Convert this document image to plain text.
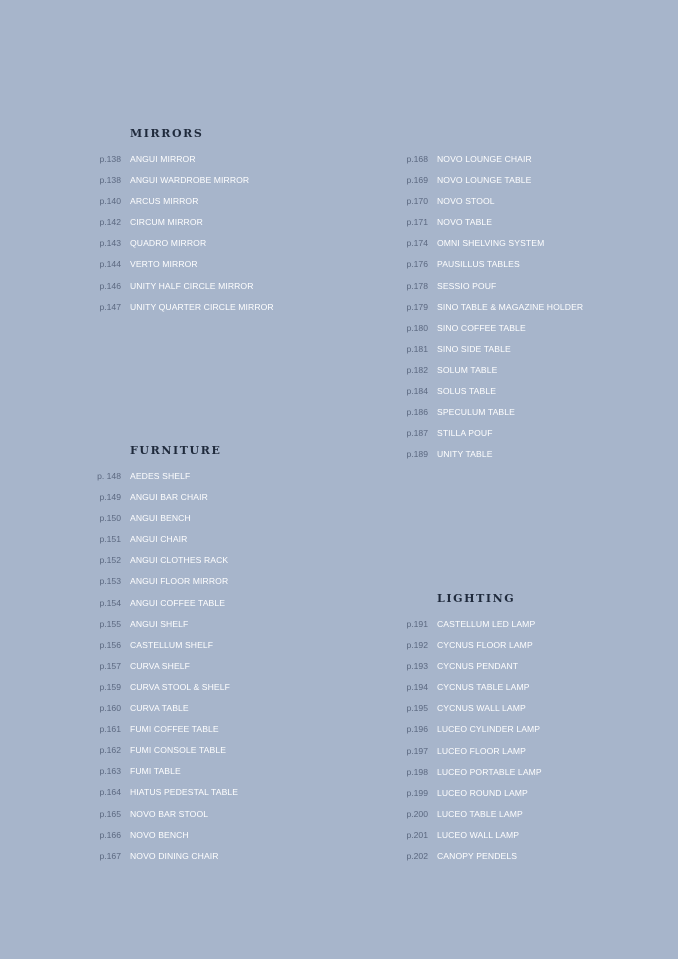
MIRRORS
p.138 ANGUI MIRROR
p.138 ANGUI WARDROBE MIRROR
p.140 ARCUS MIRROR
p.142 CIRCUM MIRROR
p.143 QUADRO MIRROR
p.144 VERTO MIRROR
p.146 UNITY HALF CIRCLE MIRROR
p.147 UNITY QUARTER CIRCLE MIRROR
FURNITURE
p. 148 AEDES SHELF
p.149 ANGUI BAR CHAIR
p.150 ANGUI BENCH
p.151 ANGUI CHAIR
p.152 ANGUI CLOTHES RACK
p.153 ANGUI FLOOR MIRROR
p.154 ANGUI COFFEE TABLE
p.155 ANGUI SHELF
p.156 CASTELLUM SHELF
p.157 CURVA SHELF
p.159 CURVA STOOL & SHELF
p.160 CURVA TABLE
p.161 FUMI COFFEE TABLE
p.162 FUMI CONSOLE TABLE
p.163 FUMI TABLE
p.164 HIATUS PEDESTAL TABLE
p.165 NOVO BAR STOOL
p.166 NOVO BENCH
p.167 NOVO DINING CHAIR
p.168 NOVO LOUNGE CHAIR
p.169 NOVO LOUNGE TABLE
p.170 NOVO STOOL
p.171 NOVO TABLE
p.174 OMNI SHELVING SYSTEM
p.176 PAUSILLUS TABLES
p.178 SESSIO POUF
p.179 SINO TABLE & MAGAZINE HOLDER
p.180 SINO COFFEE TABLE
p.181 SINO SIDE TABLE
p.182 SOLUM TABLE
p.184 SOLUS TABLE
p.186 SPECULUM TABLE
p.187 STILLA POUF
p.189 UNITY TABLE
LIGHTING
p.191 CASTELLUM LED LAMP
p.192 CYCNUS FLOOR LAMP
p.193 CYCNUS PENDANT
p.194 CYCNUS TABLE LAMP
p.195 CYCNUS WALL LAMP
p.196 LUCEO CYLINDER LAMP
p.197 LUCEO FLOOR LAMP
p.198 LUCEO PORTABLE LAMP
p.199 LUCEO ROUND LAMP
p.200 LUCEO TABLE LAMP
p.201 LUCEO WALL LAMP
p.202 CANOPY PENDELS
